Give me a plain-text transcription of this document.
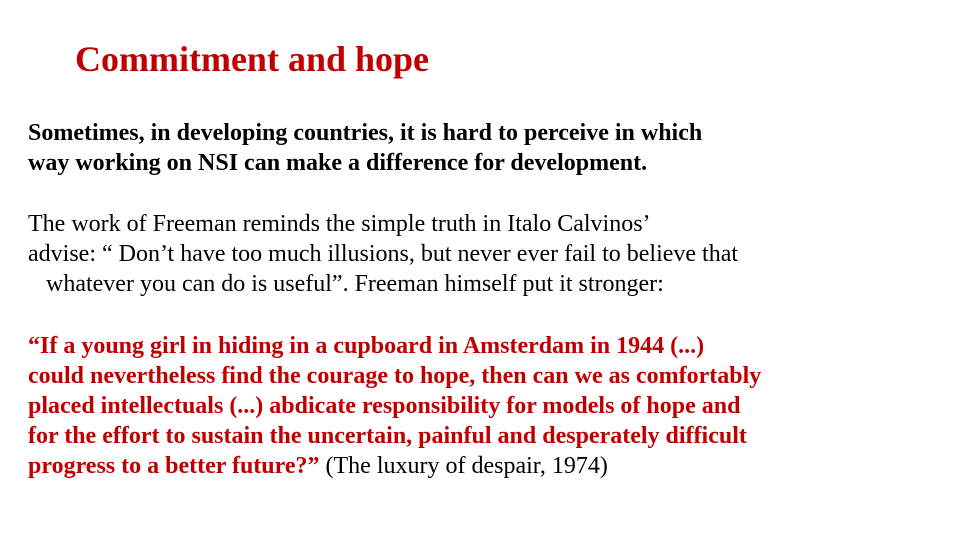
Commitment and hope
Sometimes, in developing countries, it is hard to perceive in which
way working on NSI can make a difference for development.
The work of Freeman reminds the simple truth in Italo Calvinos’
advise: “ Don’t have too much illusions, but never ever fail to believe that
whatever you can do is useful”. Freeman himself put it stronger:
“If a young girl in hiding in a cupboard in Amsterdam in 1944 (...)
could nevertheless find the courage to hope, then can we as comfortably
placed intellectuals (...) abdicate responsibility for models of hope and
for the effort to sustain the uncertain, painful and desperately difficult
progress to a better future?” (The luxury of despair, 1974)
